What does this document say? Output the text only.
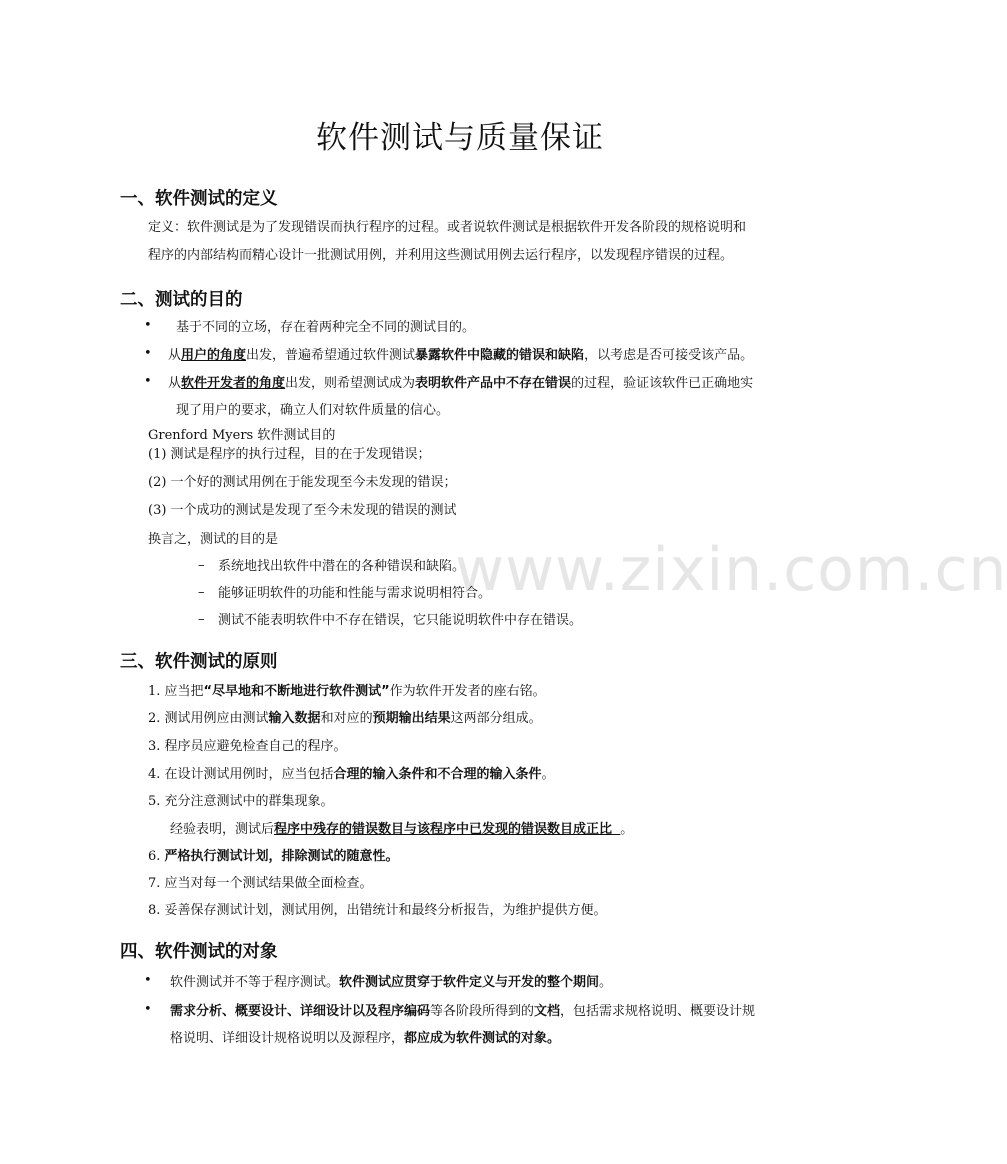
www.zixin.com.cn
软件测试与质量保证
一、软件测试的定义
定义：软件测试是为了发现错误而执行程序的过程。或者说软件测试是根据软件开发各阶段的规格说明和
程序的内部结构而精心设计一批测试用例，并利用这些测试用例去运行程序，以发现程序错误的过程。
二、测试的目的
• 基于不同的立场，存在着两种完全不同的测试目的。
• 从用户的角度出发，普遍希望通过软件测试暴露软件中隐藏的错误和缺陷，以考虑是否可接受该产品。
• 从软件开发者的角度出发，则希望测试成为表明软件产品中不存在错误的过程，验证该软件已正确地实
现了用户的要求，确立人们对软件质量的信心。
Grenford Myers 软件测试目的
(1) 测试是程序的执行过程，目的在于发现错误；
(2) 一个好的测试用例在于能发现至今未发现的错误；
(3) 一个成功的测试是发现了至今未发现的错误的测试
换言之，测试的目的是
– 系统地找出软件中潜在的各种错误和缺陷。
– 能够证明软件的功能和性能与需求说明相符合。
– 测试不能表明软件中不存在错误，它只能说明软件中存在错误。
三、软件测试的原则
1. 应当把“尽早地和不断地进行软件测试”作为软件开发者的座右铭。
2. 测试用例应由测试输入数据和对应的预期输出结果这两部分组成。
3. 程序员应避免检查自己的程序。
4. 在设计测试用例时，应当包括合理的输入条件和不合理的输入条件。
5. 充分注意测试中的群集现象。
经验表明，测试后程序中残存的错误数目与该程序中已发现的错误数目成正比 。
6. 严格执行测试计划，排除测试的随意性。
7. 应当对每一个测试结果做全面检查。
8. 妥善保存测试计划，测试用例，出错统计和最终分析报告，为维护提供方便。
四、软件测试的对象
• 软件测试并不等于程序测试。软件测试应贯穿于软件定义与开发的整个期间。
• 需求分析、概要设计、详细设计以及程序编码等各阶段所得到的文档，包括需求规格说明、概要设计规
格说明、详细设计规格说明以及源程序，都应成为软件测试的对象。
